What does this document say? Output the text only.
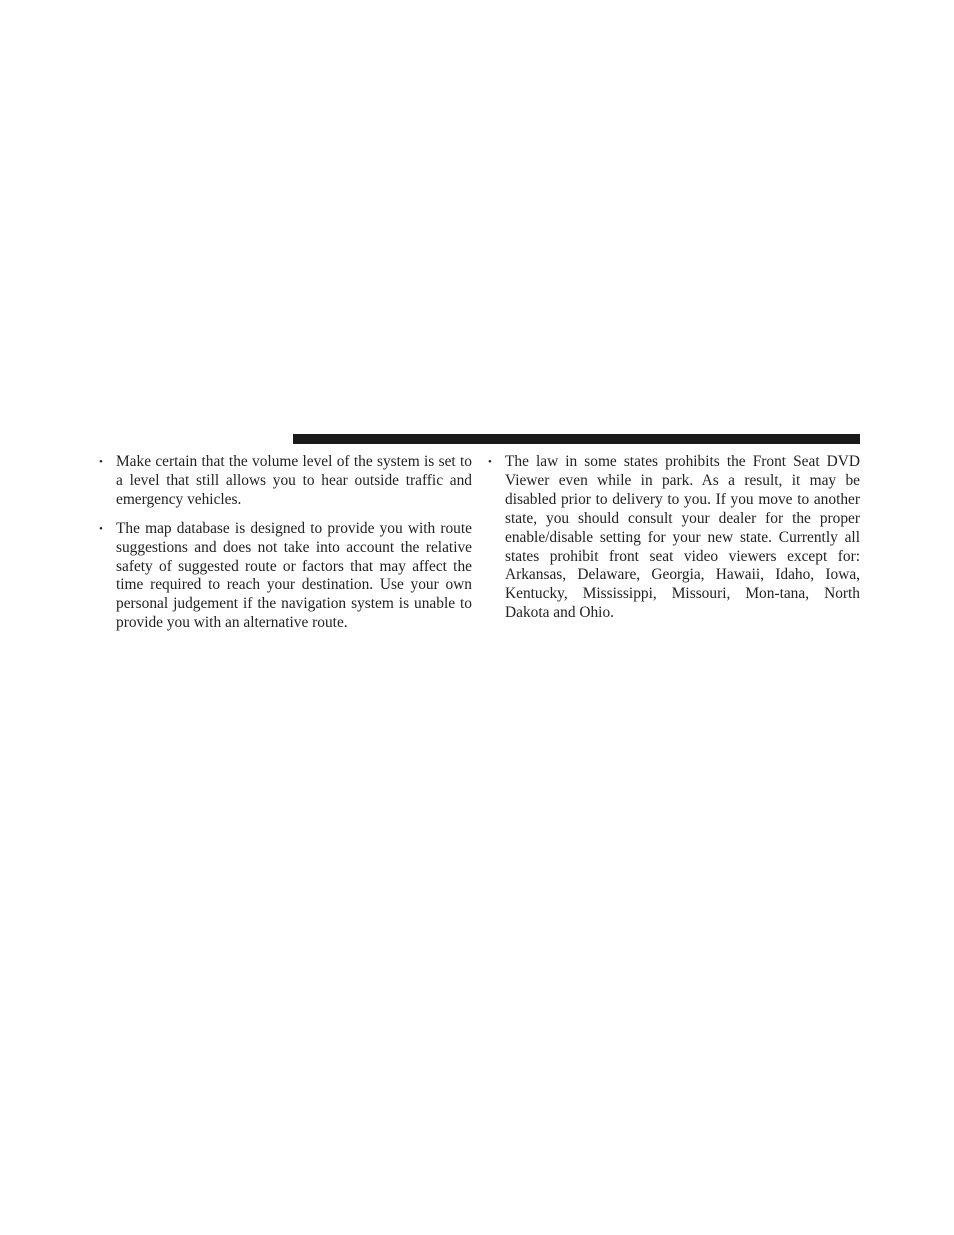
• Make certain that the volume level of the system is set to a level that still allows you to hear outside traffic and emergency vehicles.
• The map database is designed to provide you with route suggestions and does not take into account the relative safety of suggested route or factors that may affect the time required to reach your destination. Use your own personal judgement if the navigation system is unable to provide you with an alternative route.
• The law in some states prohibits the Front Seat DVD Viewer even while in park. As a result, it may be disabled prior to delivery to you. If you move to another state, you should consult your dealer for the proper enable/disable setting for your new state. Currently all states prohibit front seat video viewers except for: Arkansas, Delaware, Georgia, Hawaii, Idaho, Iowa, Kentucky, Mississippi, Missouri, Mon-tana, North Dakota and Ohio.
